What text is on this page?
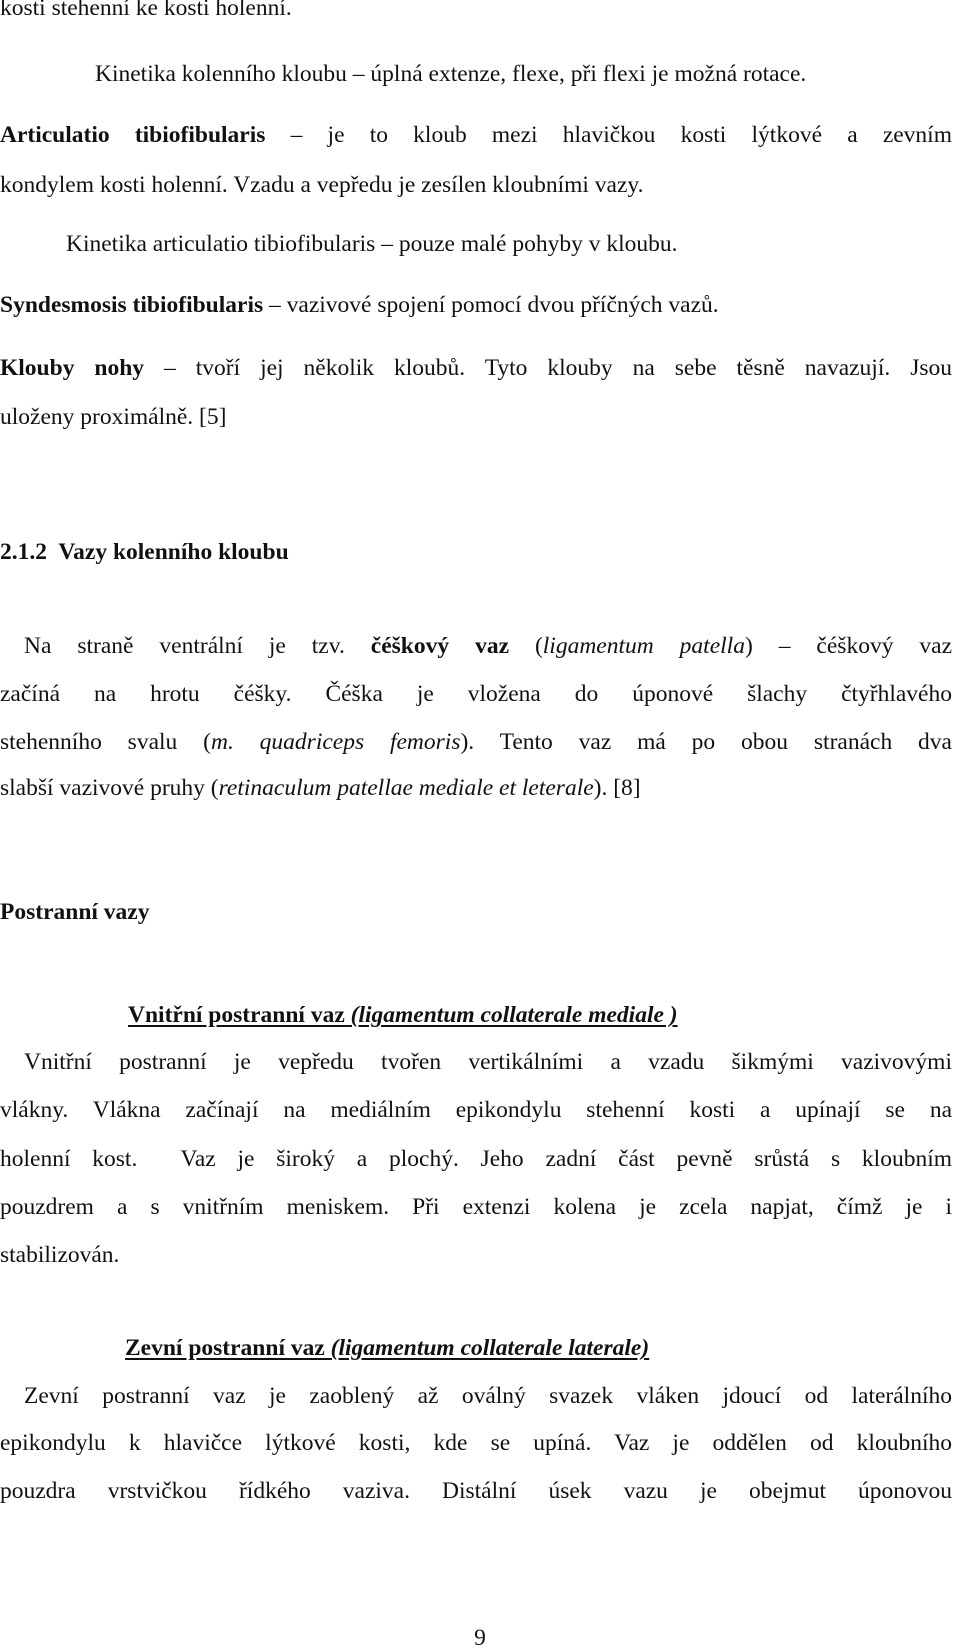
kosti stehenní ke kosti holenní.
Kinetika kolenního kloubu – úplná extenze, flexe, při flexi je možná rotace.
Articulatio tibiofibularis – je to kloub mezi hlavičkou kosti lýtkové a zevním
kondylem kosti holenní. Vzadu a vepředu je zesílen kloubními vazy.
Kinetika articulatio tibiofibularis – pouze malé pohyby v kloubu.
Syndesmosis tibiofibularis – vazivové spojení pomocí dvou příčných vazů.
Klouby nohy – tvoří jej několik kloubů. Tyto klouby na sebe těsně navazují. Jsou
uloženy proximálně. [5]
2.1.2  Vazy kolenního kloubu
Na straně ventrální je tzv. čéškový vaz (ligamentum patella) – čéškový vaz
začíná na hrotu čéšky. Čéška je vložena do úponové šlachy čtyřhlavého
stehenního svalu (m. quadriceps femoris). Tento vaz má po obou stranách dva
slabší vazivové pruhy (retinaculum patellae mediale et leterale). [8]
Postranní vazy
Vnitřní postranní vaz (ligamentum collaterale mediale )
Vnitřní postranní je vepředu tvořen vertikálními a vzadu šikmými vazivovými
vlákny. Vlákna začínají na mediálním epikondylu stehenní kosti a upínají se na
holenní kost.  Vaz je široký a plochý. Jeho zadní část pevně srůstá s kloubním
pouzdrem a s vnitřním meniskem. Při extenzi kolena je zcela napjat, čímž je i
stabilizován.
Zevní postranní vaz (ligamentum collaterale laterale)
Zevní postranní vaz je zaoblený až oválný svazek vláken jdoucí od laterálního
epikondylu k hlavičce lýtkové kosti, kde se upíná. Vaz je oddělen od kloubního
pouzdra vrstvičkou řídkého vaziva. Distální úsek vazu je obejmut úponovou
9
